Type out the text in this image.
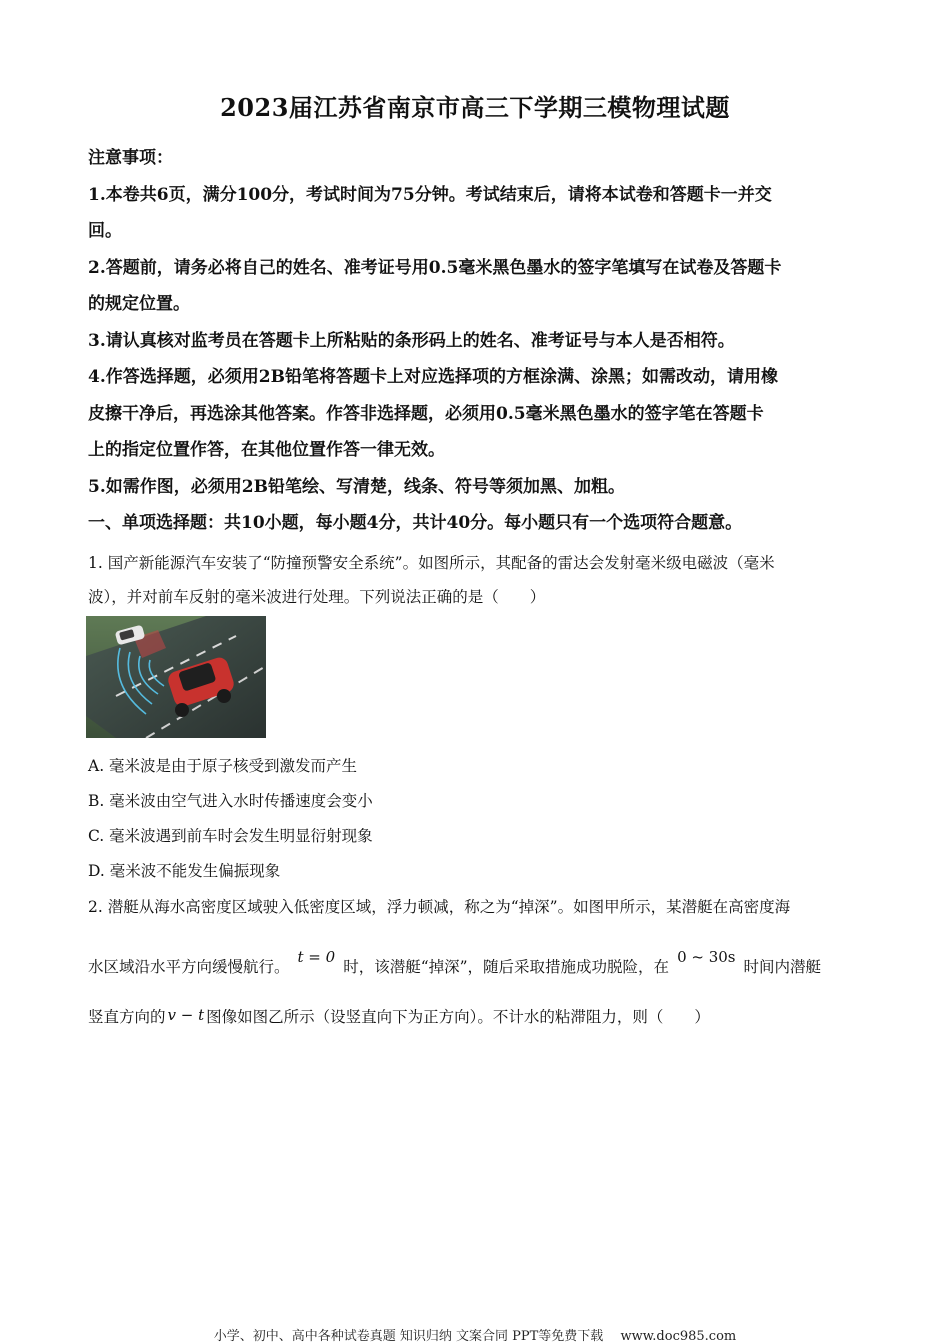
2023届江苏省南京市高三下学期三模物理试题
注意事项：
1.本卷共6页，满分100分，考试时间为75分钟。考试结束后，请将本试卷和答题卡一并交
回。
2.答题前，请务必将自己的姓名、准考证号用0.5毫米黑色墨水的签字笔填写在试卷及答题卡
的规定位置。
3.请认真核对监考员在答题卡上所粘贴的条形码上的姓名、准考证号与本人是否相符。
4.作答选择题，必须用2B铅笔将答题卡上对应选择项的方框涂满、涂黑；如需改动，请用橡
皮擦干净后，再选涂其他答案。作答非选择题，必须用0.5毫米黑色墨水的签字笔在答题卡
上的指定位置作答，在其他位置作答一律无效。
5.如需作图，必须用2B铅笔绘、写清楚，线条、符号等须加黑、加粗。
一、单项选择题：共10小题，每小题4分，共计40分。每小题只有一个选项符合题意。
1. 国产新能源汽车安装了“防撞预警安全系统”。如图所示，其配备的雷达会发射毫米级电磁波（毫米
波），并对前车反射的毫米波进行处理。下列说法正确的是（　　）
A. 毫米波是由于原子核受到激发而产生
B. 毫米波由空气进入水时传播速度会变小
C. 毫米波遇到前车时会发生明显衍射现象
D. 毫米波不能发生偏振现象
2. 潜艇从海水高密度区域驶入低密度区域，浮力顿减，称之为“掉深”。如图甲所示，某潜艇在高密度海
水区域沿水平方向缓慢航行。t = 0时，该潜艇“掉深”，随后采取措施成功脱险，在0 ~ 30s时间内潜艇
竖直方向的 v − t 图像如图乙所示（设竖直向下为正方向）。不计水的粘滞阻力，则（　　）
小学、初中、高中各种试卷真题 知识归纳 文案合同 PPT等免费下载　 www.doc985.com
